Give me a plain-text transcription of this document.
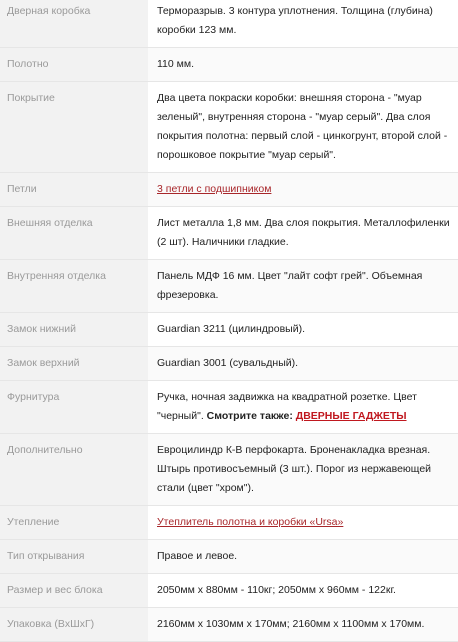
Дверная коробка	Терморазрыв. 3 контура уплотнения. Толщина (глубина) коробки 123 мм.
Полотно	110 мм.
Покрытие	Два цвета покраски коробки: внешняя сторона - "муар зеленый", внутренняя сторона - "муар серый". Два слоя покрытия полотна: первый слой - цинкогрунт, второй слой - порошковое покрытие "муар серый".
Петли	3 петли с подшипником
Внешняя отделка	Лист металла 1,8 мм. Два слоя покрытия. Металлофиленки (2 шт). Наличники гладкие.
Внутренняя отделка	Панель МДФ 16 мм. Цвет "лайт софт грей". Объемная фрезеровка.
Замок нижний	Guardian 3211 (цилиндровый).
Замок верхний	Guardian 3001 (сувальдный).
Фурнитура	Ручка, ночная задвижка на квадратной розетке. Цвет "черный". Смотрите также: ДВЕРНЫЕ ГАДЖЕТЫ
Дополнительно	Евроцилиндр К-В перфокарта. Броненакладка врезная. Штырь противосъемный (3 шт.). Порог из нержавеющей стали (цвет "хром").
Утепление	Утеплитель полотна и коробки «Ursa»
Тип открывания	Правое и левое.
Размер и вес блока	2050мм х 880мм - 110кг; 2050мм х 960мм - 122кг.
Упаковка (ВхШхГ)	2160мм х 1030мм х 170мм; 2160мм х 1100мм х 170мм.
